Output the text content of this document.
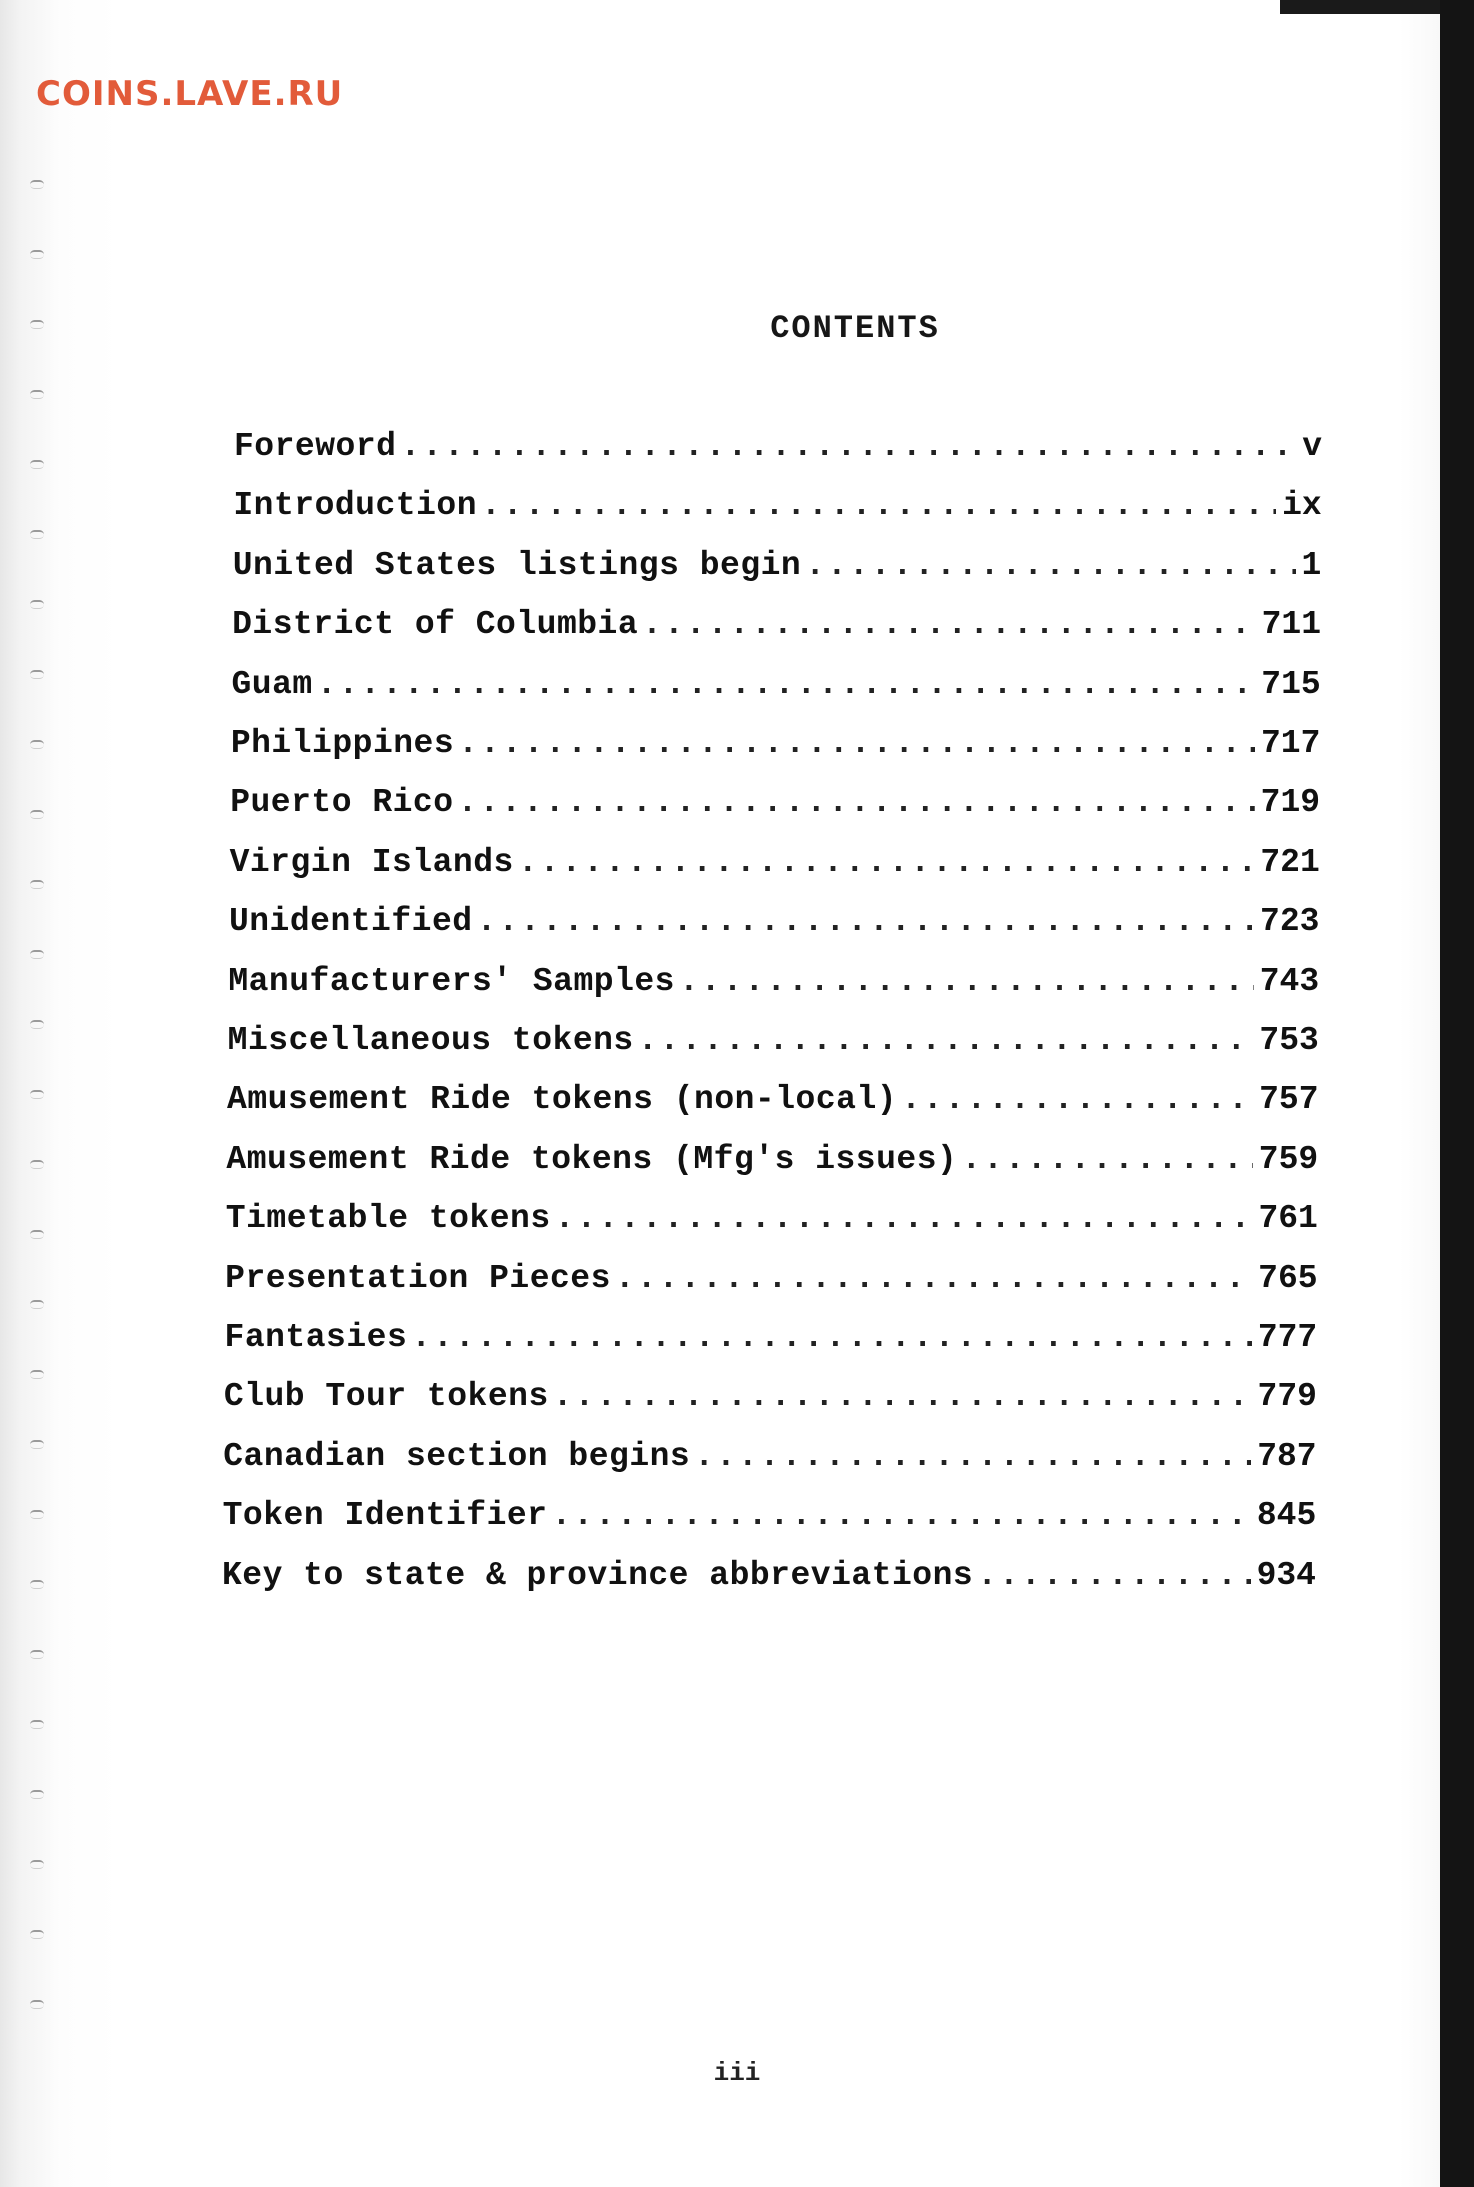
COINS.LAVE.RU
CONTENTS
Foreword .....	v
Introduction .....	ix
United States listings begin .....	1
District of Columbia .....	711
Guam .....	715
Philippines .....	717
Puerto Rico .....	719
Virgin Islands .....	721
Unidentified .....	723
Manufacturers' Samples .....	743
Miscellaneous tokens .....	753
Amusement Ride tokens (non-local) .....	757
Amusement Ride tokens (Mfg's issues) .....	759
Timetable tokens .....	761
Presentation Pieces .....	765
Fantasies .....	777
Club Tour tokens .....	779
Canadian section begins .....	787
Token Identifier .....	845
Key to state & province abbreviations .....	934
iii
